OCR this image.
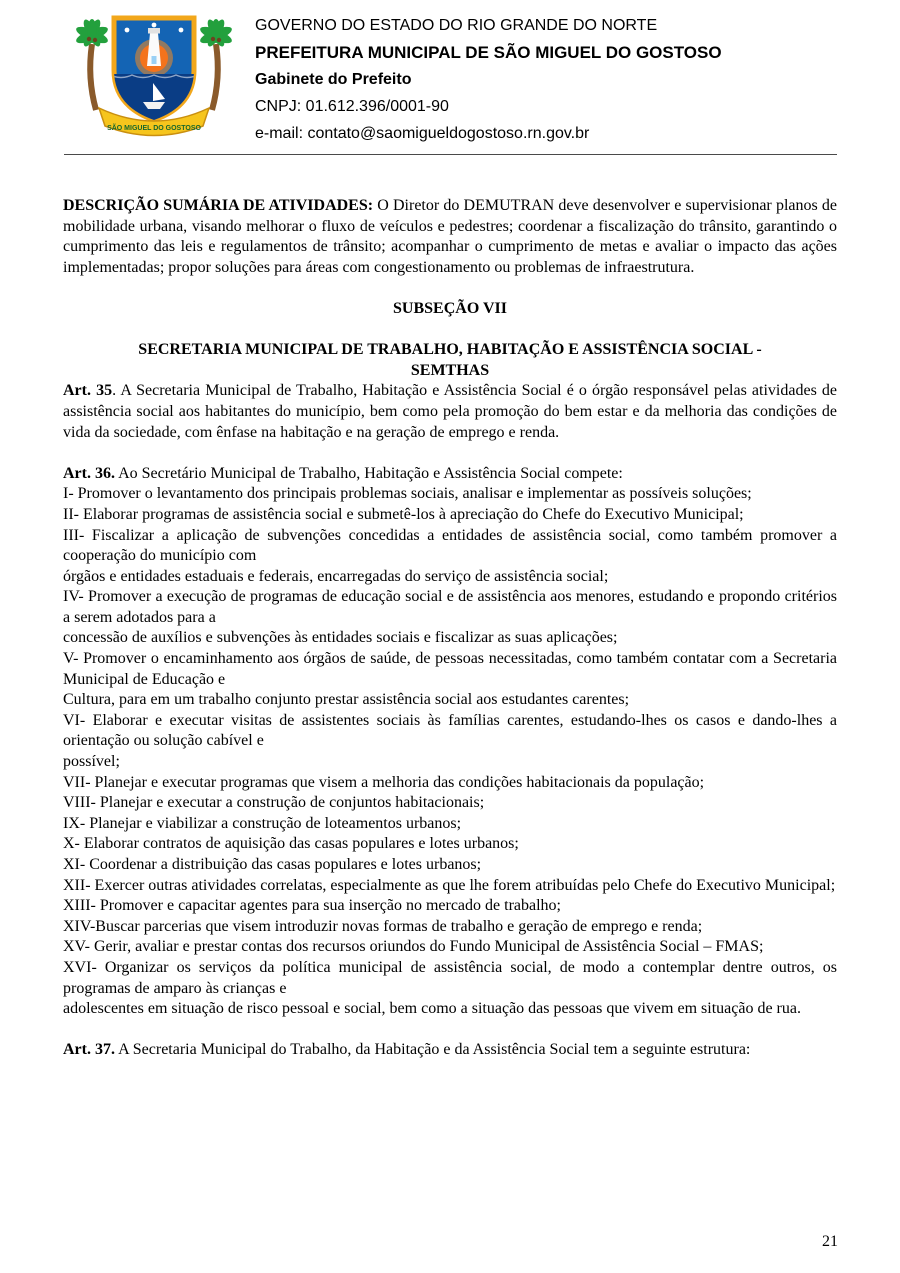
SÃO MIGUEL DO GOSTOSO
GOVERNO DO ESTADO DO RIO GRANDE DO NORTE
PREFEITURA MUNICIPAL DE SÃO MIGUEL DO GOSTOSO
Gabinete do Prefeito
CNPJ: 01.612.396/0001-90
e-mail: contato@saomigueldogostoso.rn.gov.br

DESCRIÇÃO SUMÁRIA DE ATIVIDADES: O Diretor do DEMUTRAN deve desenvolver e supervisionar planos de mobilidade urbana, visando melhorar o fluxo de veículos e pedestres; coordenar a fiscalização do trânsito, garantindo o cumprimento das leis e regulamentos de trânsito; acompanhar o cumprimento de metas e avaliar o impacto das ações implementadas; propor soluções para áreas com congestionamento ou problemas de infraestrutura.

SUBSEÇÃO VII

SECRETARIA MUNICIPAL DE TRABALHO, HABITAÇÃO E ASSISTÊNCIA SOCIAL -

SEMTHAS

Art. 35. A Secretaria Municipal de Trabalho, Habitação e Assistência Social é o órgão responsável pelas atividades de assistência social aos habitantes do município, bem como pela promoção do bem estar e da melhoria das condições de vida da sociedade, com ênfase na habitação e na geração de emprego e renda.

Art. 36. Ao Secretário Municipal de Trabalho, Habitação e Assistência Social compete:

I- Promover o levantamento dos principais problemas sociais, analisar e implementar as possíveis soluções;

II- Elaborar programas de assistência social e submetê-los à apreciação do Chefe do Executivo Municipal;

III- Fiscalizar a aplicação de subvenções concedidas a entidades de assistência social, como também promover a cooperação do município com

órgãos e entidades estaduais e federais, encarregadas do serviço de assistência social;

IV- Promover a execução de programas de educação social e de assistência aos menores, estudando e propondo critérios a serem adotados para a

concessão de auxílios e subvenções às entidades sociais e fiscalizar as suas aplicações;

V- Promover o encaminhamento aos órgãos de saúde, de pessoas necessitadas, como também contatar com a Secretaria Municipal de Educação e

Cultura, para em um trabalho conjunto prestar assistência social aos estudantes carentes;

VI- Elaborar e executar visitas de assistentes sociais às famílias carentes, estudando-lhes os casos e dando-lhes a orientação ou solução cabível e

possível;

VII- Planejar e executar programas que visem a melhoria das condições habitacionais da população;

VIII- Planejar e executar a construção de conjuntos habitacionais;

IX- Planejar e viabilizar a construção de loteamentos urbanos;

X- Elaborar contratos de aquisição das casas populares e lotes urbanos;

XI- Coordenar a distribuição das casas populares e lotes urbanos;

XII- Exercer outras atividades correlatas, especialmente as que lhe forem atribuídas pelo Chefe do Executivo Municipal;

XIII- Promover e capacitar agentes para sua inserção no mercado de trabalho;

XIV-Buscar parcerias que visem introduzir novas formas de trabalho e geração de emprego e renda;

XV- Gerir, avaliar e prestar contas dos recursos oriundos do Fundo Municipal de Assistência Social – FMAS;

XVI- Organizar os serviços da política municipal de assistência social, de modo a contemplar dentre outros, os programas de amparo às crianças e

adolescentes em situação de risco pessoal e social, bem como a situação das pessoas que vivem em situação de rua.

Art. 37. A Secretaria Municipal do Trabalho, da Habitação e da Assistência Social tem a seguinte estrutura:

21
